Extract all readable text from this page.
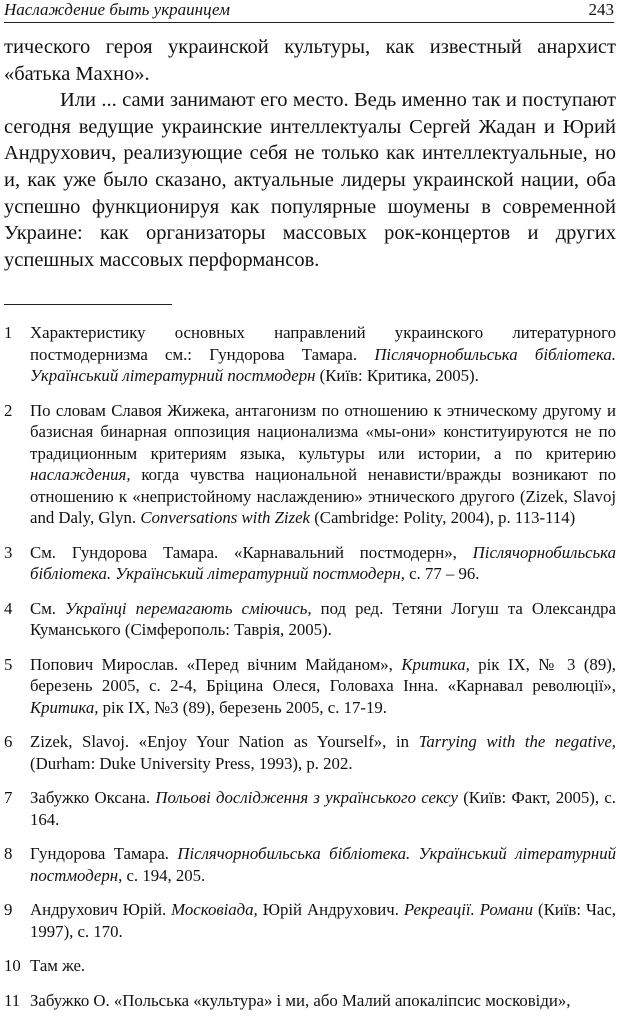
Наслаждение быть украинцем	243

тического героя украинской культуры, как известный анархист «батька Махно».

Или ... сами занимают его место. Ведь именно так и поступают сегодня ведущие украинские интеллектуалы Сергей Жадан и Юрий Андрухович, реализующие себя не только как интеллектуальные, но и, как уже было сказано, актуальные лидеры украинской нации, оба успешно функционируя как популярные шоумены в современной Украине: как организаторы массовых рок-концертов и других успешных массовых перформансов.

1 Характеристику основных направлений украинского литературного постмодернизма см.: Гундорова Тамара. Післячорнобильська бібліотека. Український літературний постмодерн (Київ: Критика, 2005).
2 По словам Славоя Жижека, антагонизм по отношению к этническому другому и базисная бинарная оппозиция национализма «мы-они» конституируются не по традиционным критериям языка, культуры или истории, а по критерию наслаждения, когда чувства национальной ненависти/вражды возникают по отношению к «непристойному наслаждению» этнического другого (Zizek, Slavoj and Daly, Glyn. Conversations with Zizek (Cambridge: Polity, 2004), p. 113-114)
3 См. Гундорова Тамара. «Карнавальний постмодерн», Післячорнобильська бібліотека. Український літературний постмодерн, с. 77 – 96.
4 См. Українці перемагають сміючись, под ред. Тетяни Логуш та Олександра Куманського (Сімферополь: Таврія, 2005).
5 Попович Мирослав. «Перед вічним Майданом», Критика, рік IX, № 3 (89), березень 2005, с. 2-4, Бріцина Олеся, Головаха Інна. «Карнавал революції», Критика, рік IX, №3 (89), березень 2005, с. 17-19.
6 Zizek, Slavoj. «Enjoy Your Nation as Yourself», in Tarrying with the negative, (Durham: Duke University Press, 1993), p. 202.
7 Забужко Оксана. Польові дослідження з українського сексу (Київ: Факт, 2005), с. 164.
8 Гундорова Тамара. Післячорнобильська бібліотека. Український літературний постмодерн, с. 194, 205.
9 Андрухович Юрій. Московіада, Юрій Андрухович. Рекреації. Романи (Київ: Час, 1997), с. 170.
10 Там же.
11 Забужко О. «Польська «культура» і ми, або Малий апокаліпсис московіди»,
